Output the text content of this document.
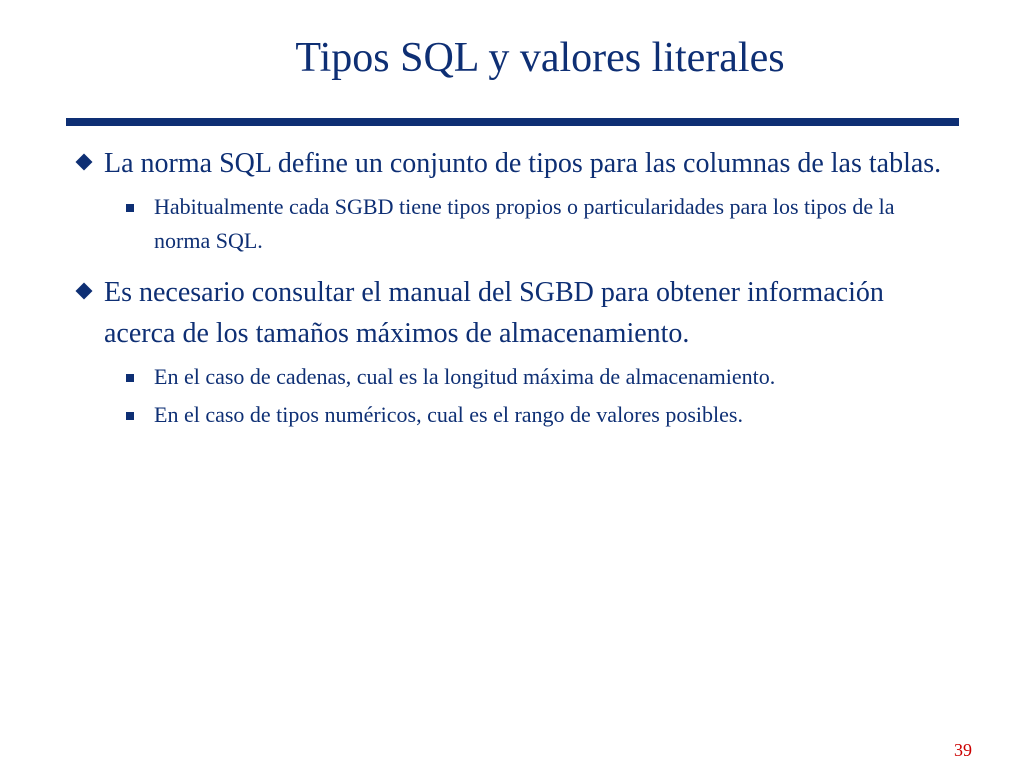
Tipos SQL y valores literales
La norma SQL define un conjunto de tipos para las columnas de las tablas.
Habitualmente cada SGBD tiene tipos propios o particularidades para los tipos de la norma SQL.
Es necesario consultar el manual del SGBD para obtener información acerca de los tamaños máximos de almacenamiento.
En el caso de cadenas, cual es la longitud máxima de almacenamiento.
En el caso de tipos numéricos, cual es el rango de valores posibles.
39
